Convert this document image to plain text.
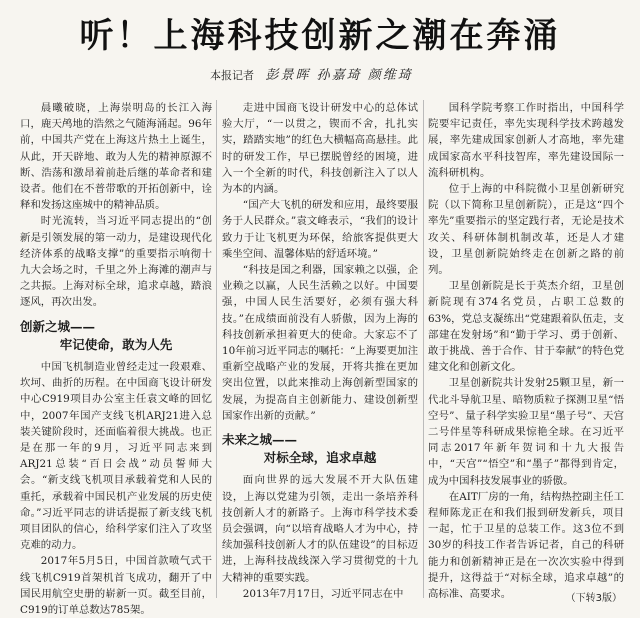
听！上海科技创新之潮在奔涌
本报记者 彭景晖 孙嘉琦 颜维琦

晨曦破晓，上海崇明岛的长江入海口，鹿天鸬地的浩然之气随海涌起。96年前，中国共产党在上海这片热土上诞生，从此，开天辟地、敢为人先的精神原源不断、浩荡和激昂着前赴后继的革命者和建设者。他们在不普带歌的开拓创新中，诠释和发扬这座城中的精神品质。

时光流转，当习近平同志提出的“创新是引领发展的第一动力，是建设现代化经济体系的战略支撑”的重要指示响彻十九大会场之时，千里之外上海滩的潮声与之共振。上海对标全球，追求卓越，踏浪逐风，再次出发。

创新之城——
牢记使命，敢为人先

中国飞机制造业曾经走过一段艰难、坎坷、曲折的历程。在中国商飞设计研发中心C919项目办公室主任袁文峰的回忆中，2007年国产支线飞机ARJ21进入总装关键阶段时，还面临着很大挑战。也正是在那一年的9月，习近平同志来到ARJ21总装“百日会战”动员誓师大会。“新支线飞机项目承载着党和人民的重托，承载着中国民机产业发展的历史使命。”习近平同志的讲话提振了新支线飞机项目团队的信心，给科学家们注入了攻坚克难的动力。

2017年5月5日，中国首款喷气式干线飞机C919首架机首飞成功，翻开了中国民用航空史册的崭新一页。截至目前，C919的订单总数达785架。

走进中国商飞设计研发中心的总体试验大厅，“一以贯之，锲而不舍，扎扎实实，踏踏实地”的红色大横幅高高悬挂。此时的研发工作，早已摆脱曾经的困境，进入一个全新的时代，科技创新注入了以人为本的内涵。

“国产大飞机的研发和应用，最终要服务于人民群众。”袁文峰表示，“我们的设计致力于让飞机更为环保，给旅客提供更大乘坐空间、温馨体贴的舒适环境。”

“科技是国之利器，国家赖之以强，企业赖之以赢，人民生活赖之以好。中国要强，中国人民生活要好，必须有强大科技。”在成绩面前没有人骄傲，因为上海的科技创新承担着更大的使命。大家忘不了10年前习近平同志的嘱托：“上海要更加注重新空战略产业的发展，开将共推在更加突出位置，以此来推动上海创新型国家的发展，为提高自主创新能力、建设创新型国家作出新的贡献。”

未来之城——
对标全球，追求卓越

面向世界的远大发展不开大队伍建设，上海以党建为引领，走出一条培养科技创新人才的新路子。上海市科学技术委员会强调，向“以培育战略人才为中心，持续加强科技创新人才的队伍建设”的目标迈进，上海科技战线深入学习贯彻党的十九大精神的重要实践。

2013年7月17日，习近平同志在中

国科学院考察工作时指出，中国科学院要牢记责任，率先实现科学技术跨越发展，率先建成国家创新人才高地，率先建成国家高水平科技智库，率先建设国际一流科研机构。

位于上海的中科院微小卫星创新研究院（以下简称卫星创新院），正是这“四个率先”重要指示的坚定践行者，无论是技术攻关、科研体制机制改革，还是人才建设，卫星创新院始终走在创新之路的前列。

卫星创新院是长于英杰介绍，卫星创新院现有374名党员，占职工总数的63%，党总支凝练出“党建跟着队伍走，支部建在发射场”和“勤于学习、勇于创新、敢于挑战、善于合作、甘于奉献”的特色党建文化和创新文化。

卫星创新院共计发射25颗卫星，新一代北斗导航卫星、暗物质粒子探测卫星“悟空号”、量子科学实验卫星“墨子号”、天宫二号伴星等科研成果惊艳全球。在习近平同志2017年新年贺词和十九大报告中，“天宫”“悟空”和“墨子”都得到肯定，成为中国科技发展事业的骄傲。

在AIT厂房的一角，结构热控副主任工程师陈龙正在和我们报到研发新兵，项目一起，忙于卫星的总装工作。这3位不到30岁的科技工作者告诉记者，自己的科研能力和创新精神正是在一次次实验中得到提升，这得益于“对标全球，追求卓越”的高标准、高要求。	（下转3版）
